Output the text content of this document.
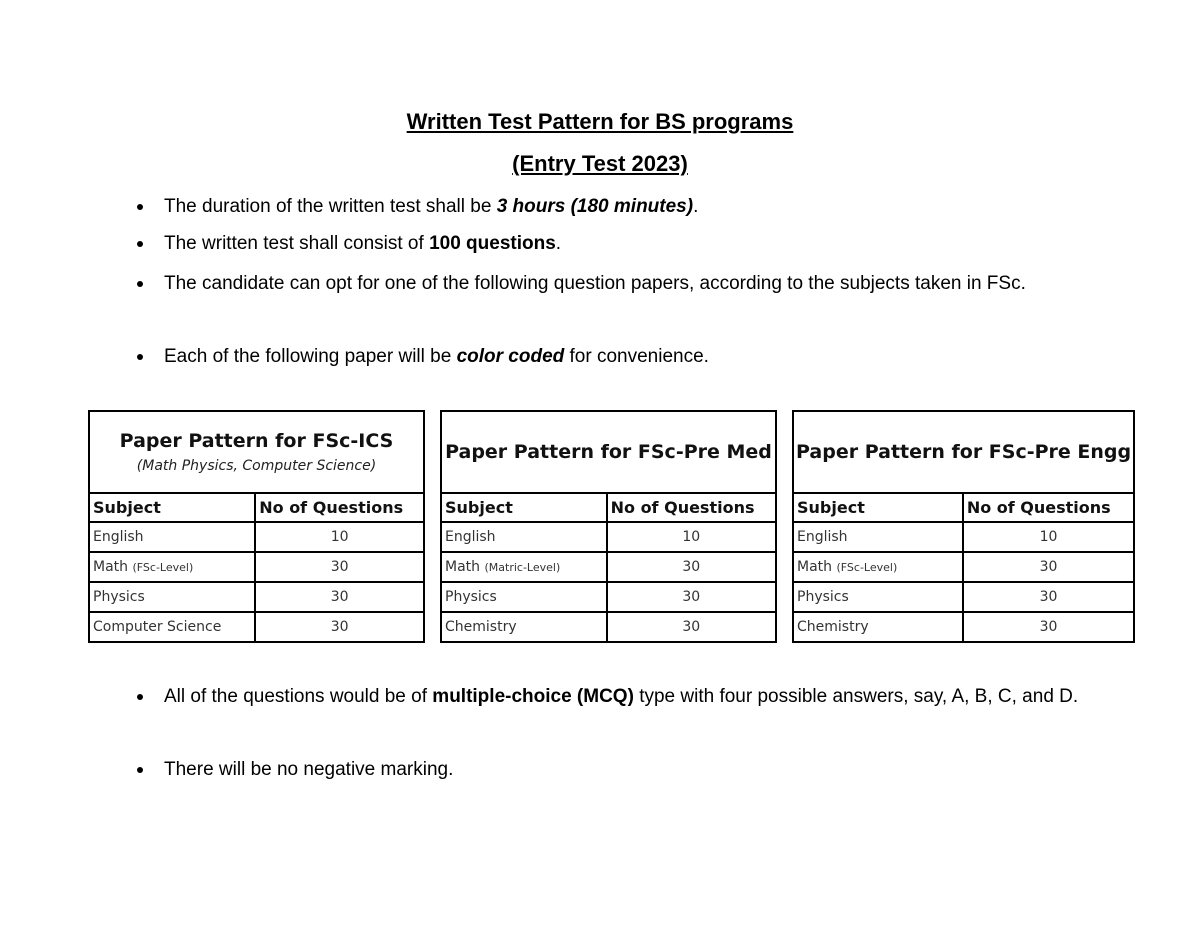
Written Test Pattern for BS programs
(Entry Test 2023)
The duration of the written test shall be 3 hours (180 minutes).
The written test shall consist of 100 questions.
The candidate can opt for one of the following question papers, according to the subjects taken in FSc.
Each of the following paper will be color coded for convenience.
Paper Pattern for FSc-ICS
(Math Physics, Computer Science)	

Subject	No of Questions
English	10
Math (FSc-Level)	30
Physics	30
Computer Science	30
Paper Pattern for FSc-Pre Med	
Subject	No of Questions
English	10
Math (Matric-Level)	30
Physics	30
Chemistry	30
Paper Pattern for FSc-Pre Engg	
Subject	No of Questions
English	10
Math (FSc-Level)	30
Physics	30
Chemistry	30
All of the questions would be of multiple-choice (MCQ) type with four possible answers, say, A, B, C, and D.
There will be no negative marking.
